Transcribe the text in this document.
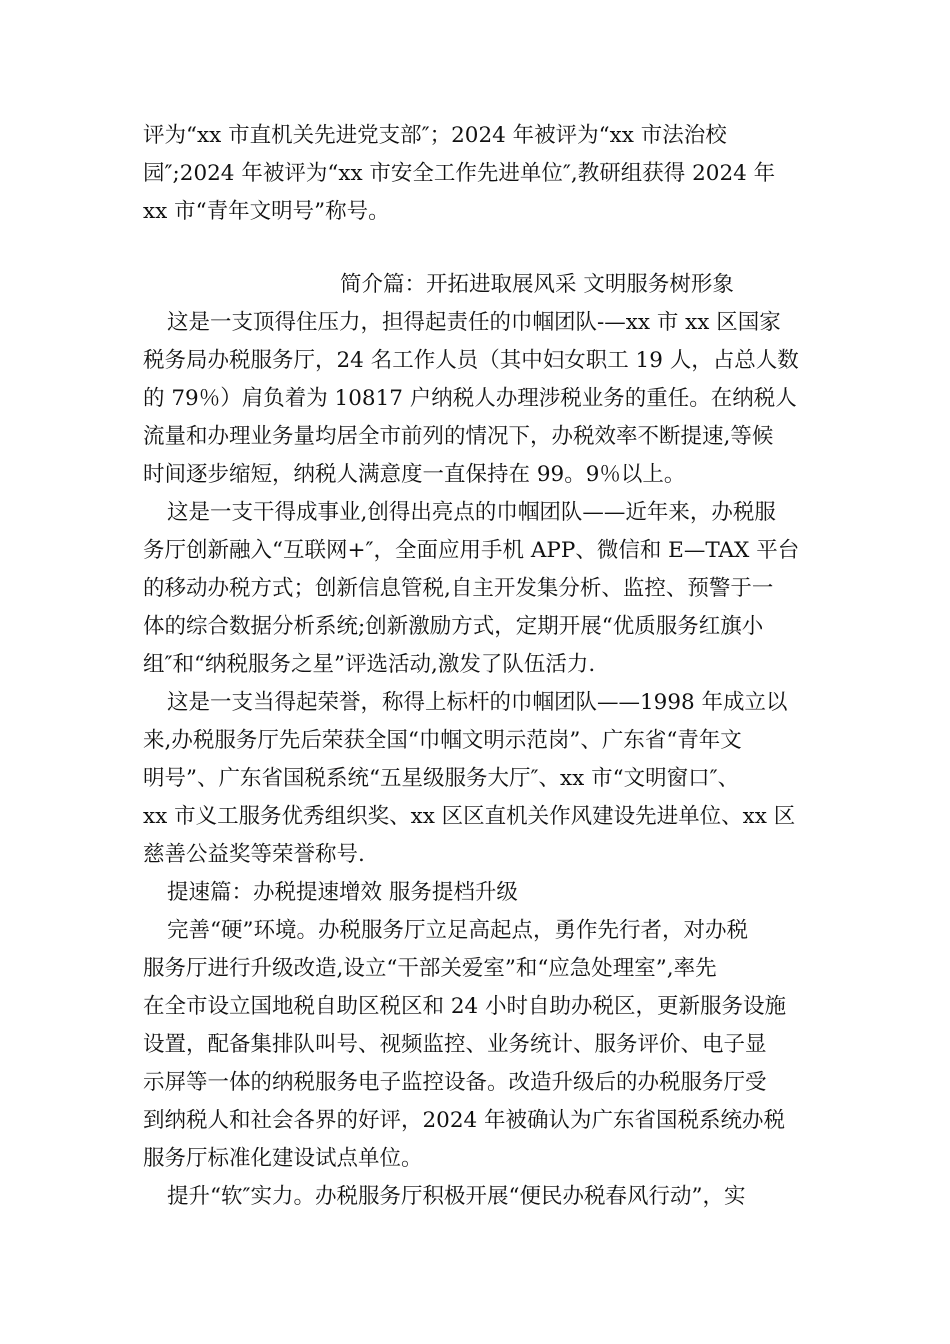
评为“xx 市直机关先进党支部″；2024 年被评为“xx 市法治校
园″;2024 年被评为“xx 市安全工作先进单位″,教研组获得 2024 年
xx 市“青年文明号”称号。
简介篇：开拓进取展风采 文明服务树形象
这是一支顶得住压力，担得起责任的巾帼团队-—xx 市 xx 区国家
税务局办税服务厅，24 名工作人员（其中妇女职工 19 人，占总人数
的 79％）肩负着为 10817 户纳税人办理涉税业务的重任。在纳税人
流量和办理业务量均居全市前列的情况下，办税效率不断提速,等候
时间逐步缩短，纳税人满意度一直保持在 99。9％以上。
这是一支干得成事业,创得出亮点的巾帼团队——近年来，办税服
务厅创新融入“互联网+″，全面应用手机 APP、微信和 E—TAX 平台
的移动办税方式；创新信息管税,自主开发集分析、监控、预警于一
体的综合数据分析系统;创新激励方式，定期开展“优质服务红旗小
组″和“纳税服务之星”评选活动,激发了队伍活力.
这是一支当得起荣誉，称得上标杆的巾帼团队——1998 年成立以
来,办税服务厅先后荣获全国“巾帼文明示范岗”、广东省“青年文
明号”、广东省国税系统“五星级服务大厅″、xx 市“文明窗口″、
xx 市义工服务优秀组织奖、xx 区区直机关作风建设先进单位、xx 区
慈善公益奖等荣誉称号.
提速篇：办税提速增效 服务提档升级
完善“硬”环境。办税服务厅立足高起点，勇作先行者，对办税
服务厅进行升级改造,设立“干部关爱室”和“应急处理室”,率先
在全市设立国地税自助区税区和 24 小时自助办税区，更新服务设施
设置，配备集排队叫号、视频监控、业务统计、服务评价、电子显
示屏等一体的纳税服务电子监控设备。改造升级后的办税服务厅受
到纳税人和社会各界的好评，2024 年被确认为广东省国税系统办税
服务厅标准化建设试点单位。
提升“软″实力。办税服务厅积极开展“便民办税春风行动”，实
